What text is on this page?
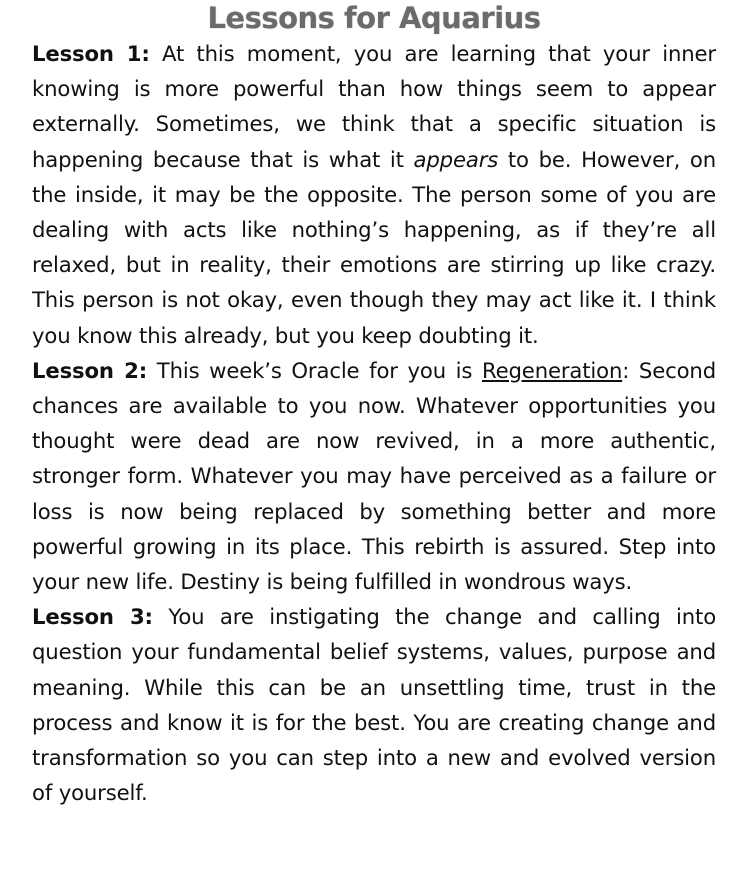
Lessons for Aquarius

Lesson 1: At this moment, you are learning that your inner knowing is more powerful than how things seem to appear externally. Sometimes, we think that a specific situation is happening because that is what it appears to be. However, on the inside, it may be the opposite. The person some of you are dealing with acts like nothing’s happening, as if they’re all relaxed, but in reality, their emotions are stirring up like crazy. This person is not okay, even though they may act like it. I think you know this already, but you keep doubting it.

Lesson 2: This week’s Oracle for you is Regeneration: Second chances are available to you now. Whatever opportunities you thought were dead are now revived, in a more authentic, stronger form. Whatever you may have perceived as a failure or loss is now being replaced by something better and more powerful growing in its place. This rebirth is assured. Step into your new life. Destiny is being fulfilled in wondrous ways.

Lesson 3: You are instigating the change and calling into question your fundamental belief systems, values, purpose and meaning. While this can be an unsettling time, trust in the process and know it is for the best. You are creating change and transformation so you can step into a new and evolved version of yourself.
